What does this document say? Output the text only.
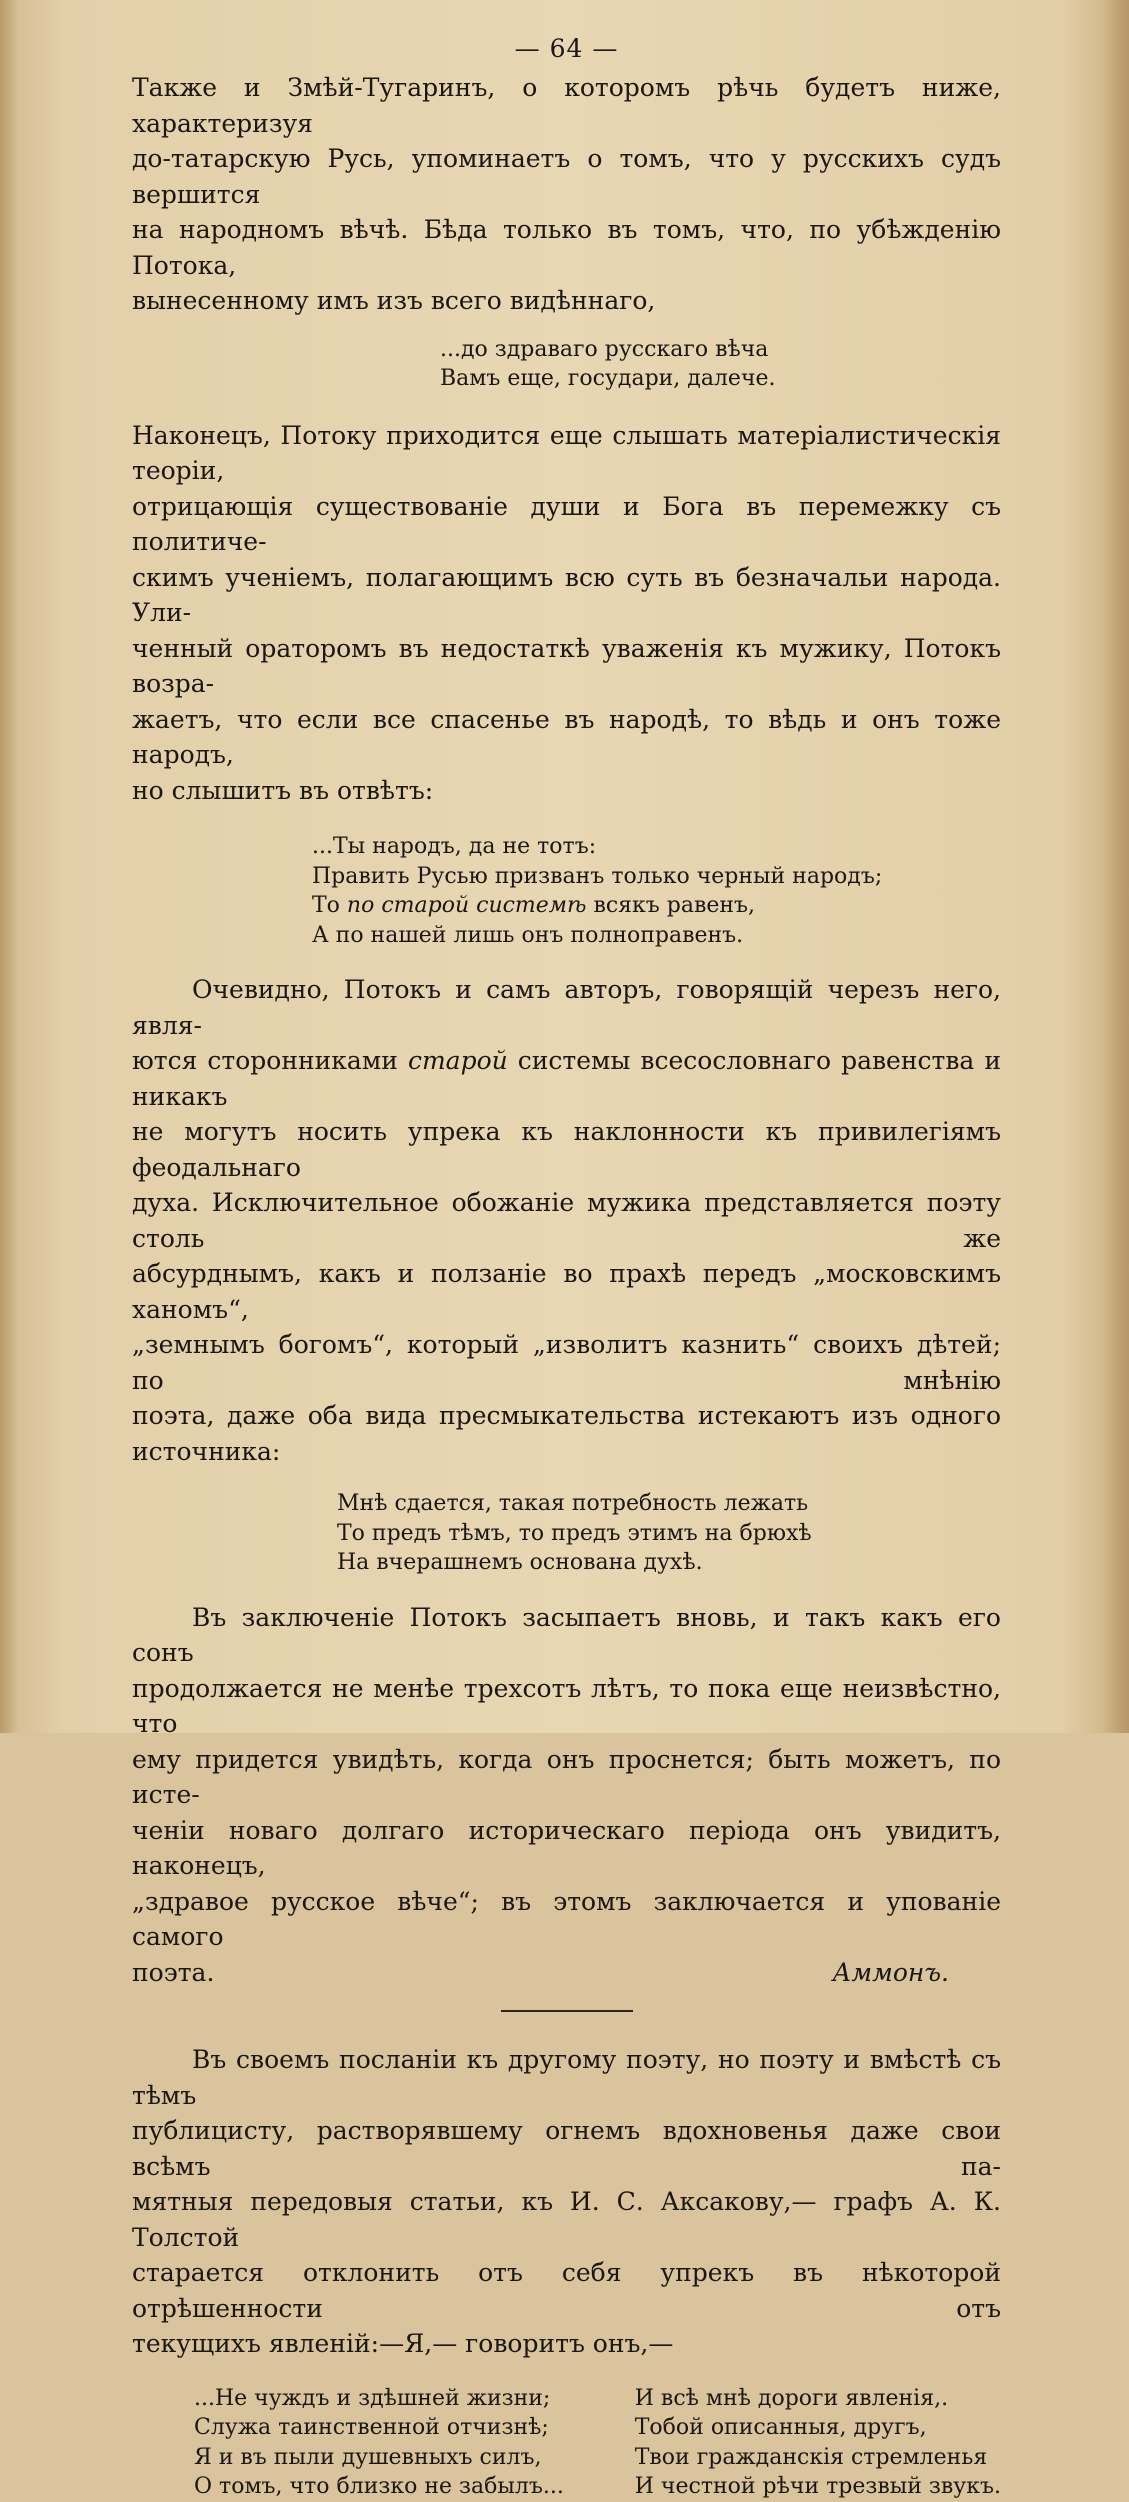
— 64 —
Также и Змѣй-Тугаринъ, о которомъ рѣчь будетъ ниже, характеризуя
до-татарскую Русь, упоминаетъ о томъ, что у русскихъ судъ вершится
на народномъ вѣчѣ. Бѣда только въ томъ, что, по убѣжденію Потока,
вынесенному имъ изъ всего видѣннаго,
...до здраваго русскаго вѣча
Вамъ еще, государи, далече.
Наконецъ, Потоку приходится еще слышать матеріалистическія теоріи,
отрицающія существованіе души и Бога въ перемежку съ политиче-
скимъ ученіемъ, полагающимъ всю суть въ безначальи народа. Ули-
ченный ораторомъ въ недостаткѣ уваженія къ мужику, Потокъ возра-
жаетъ, что если все спасенье въ народѣ, то вѣдь и онъ тоже народъ,
но слышитъ въ отвѣтъ:
...Ты народъ, да не тотъ:
Править Русью призванъ только черный народъ;
То по старой системѣ всякъ равенъ,
А по нашей лишь онъ полноправенъ.
Очевидно, Потокъ и самъ авторъ, говорящій черезъ него, явля-
ются сторонниками старой системы всесословнаго равенства и никакъ
не могутъ носить упрека къ наклонности къ привилегіямъ феодальнаго
духа. Исключительное обожаніе мужика представляется поэту столь же
абсурднымъ, какъ и ползаніе во прахѣ передъ „московскимъ ханомъ“,
„земнымъ богомъ“, который „изволитъ казнить“ своихъ дѣтей; по мнѣнію
поэта, даже оба вида пресмыкательства истекаютъ изъ одного источника:
Мнѣ сдается, такая потребность лежать
То предъ тѣмъ, то предъ этимъ на брюхѣ
На вчерашнемъ основана духѣ.
Въ заключеніе Потокъ засыпаетъ вновь, и такъ какъ его сонъ
продолжается не менѣе трехсотъ лѣтъ, то пока еще неизвѣстно, что
ему придется увидѣть, когда онъ проснется; быть можетъ, по исте-
ченіи новаго долгаго историческаго періода онъ увидитъ, наконецъ,
„здравое русское вѣче“; въ этомъ заключается и упованіе самого
поэта.	Аммонъ.
Въ своемъ посланіи къ другому поэту, но поэту и вмѣстѣ съ тѣмъ
публицисту, растворявшему огнемъ вдохновенья даже свои всѣмъ па-
мятныя передовыя статьи, къ И. С. Аксакову,— графъ А. К. Толстой
старается отклонить отъ себя упрекъ въ нѣкоторой отрѣшенности отъ
текущихъ явленій:—Я,— говоритъ онъ,—
...Не чуждъ и здѣшней жизни;
Служа таинственной отчизнѣ;
Я и въ пыли душевныхъ силъ,
О томъ, что близко не забылъ...
И всѣ мнѣ дороги явленія,.
Тобой описанныя, другъ,
Твои гражданскія стремленья
И честной рѣчи трезвый звукъ.
